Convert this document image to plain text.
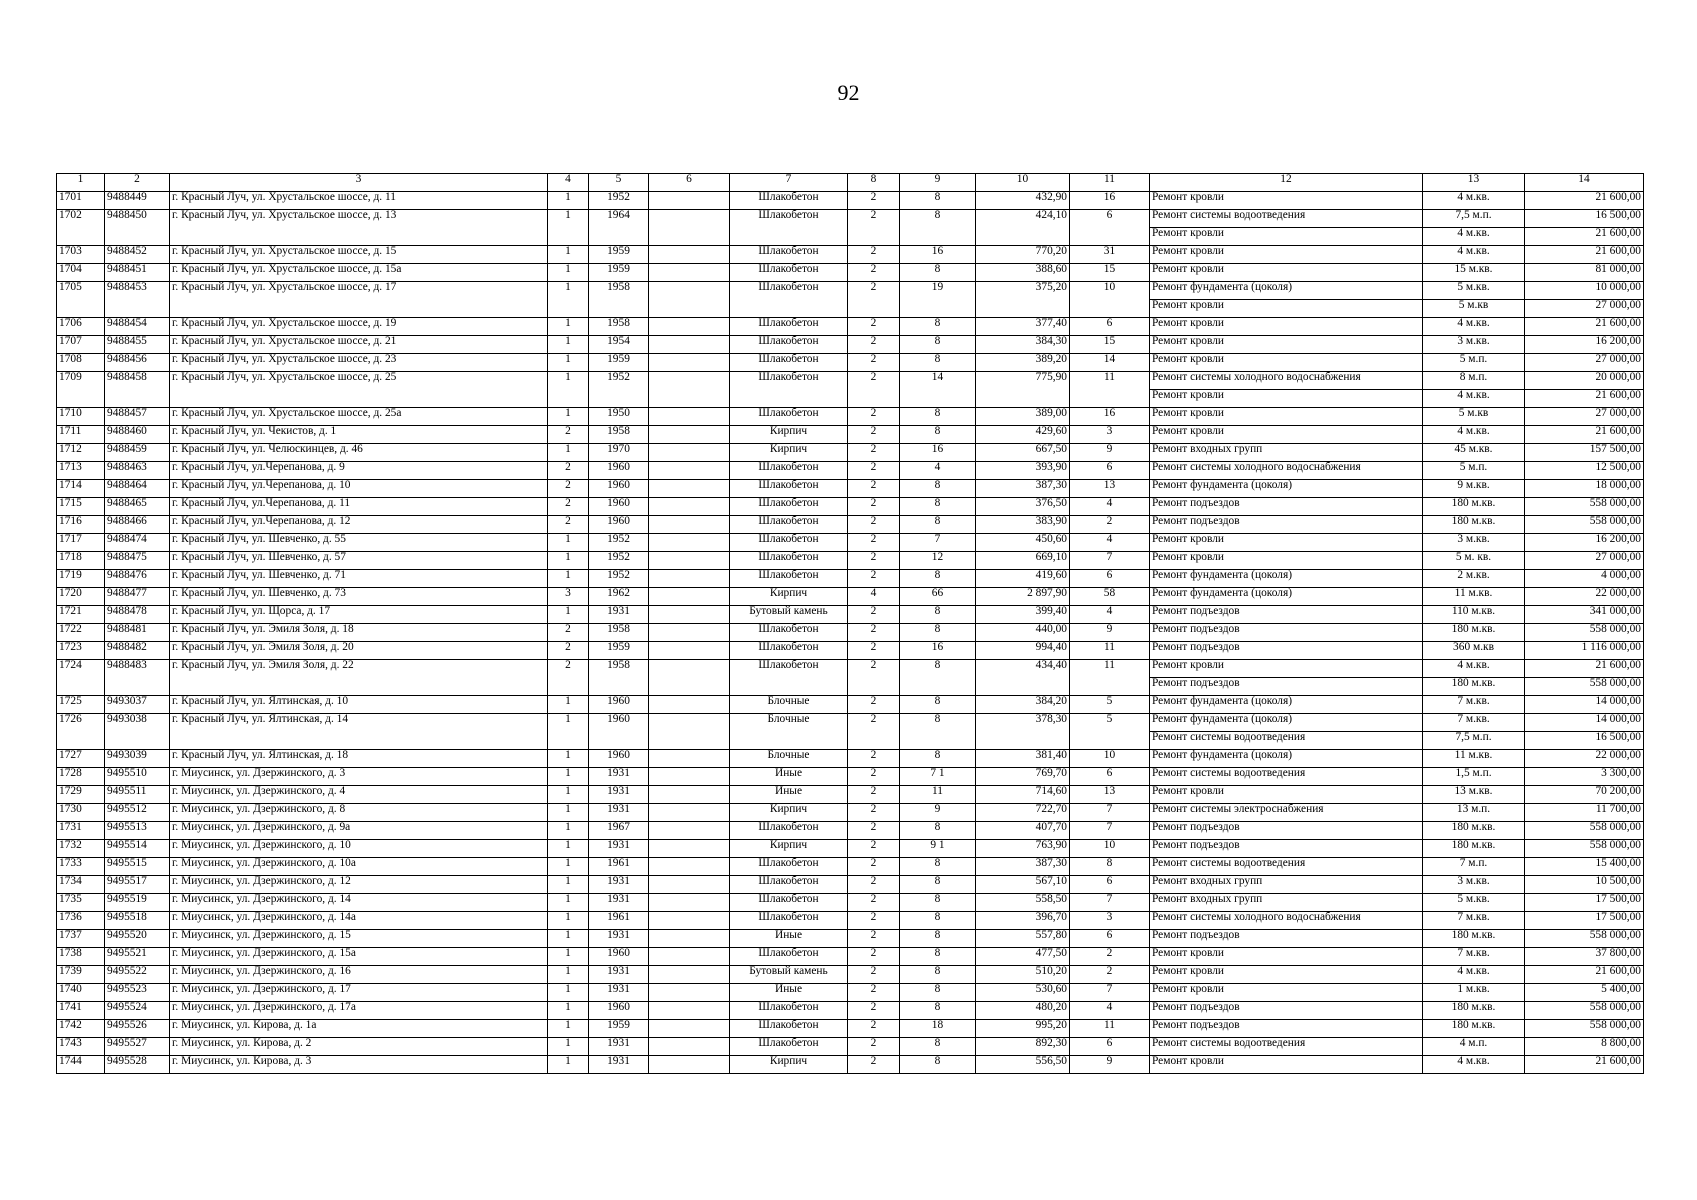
92
1	2	3	4	5	6	7	8	9	10	11	12	13	14
1701	9488449	г. Красный Луч, ул. Хрустальское шоссе, д. 11	1	1952		Шлакобетон	2	8	432,90	16	Ремонт кровли	4 м.кв.	21 600,00
1702	9488450	г. Красный Луч, ул. Хрустальское шоссе, д. 13	1	1964		Шлакобетон	2	8	424,10	6	Ремонт системы водоотведения	7,5 м.п.	16 500,00
											Ремонт кровли	4 м.кв.	21 600,00
1703	9488452	г. Красный Луч, ул. Хрустальское шоссе, д. 15	1	1959		Шлакобетон	2	16	770,20	31	Ремонт кровли	4 м.кв.	21 600,00
1704	9488451	г. Красный Луч, ул. Хрустальское шоссе, д. 15а	1	1959		Шлакобетон	2	8	388,60	15	Ремонт кровли	15 м.кв.	81 000,00
1705	9488453	г. Красный Луч, ул. Хрустальское шоссе, д. 17	1	1958		Шлакобетон	2	19	375,20	10	Ремонт фундамента (цоколя)	5 м.кв.	10 000,00
											Ремонт кровли	5 м.кв	27 000,00
1706	9488454	г. Красный Луч, ул. Хрустальское шоссе, д. 19	1	1958		Шлакобетон	2	8	377,40	6	Ремонт кровли	4 м.кв.	21 600,00
1707	9488455	г. Красный Луч, ул. Хрустальское шоссе, д. 21	1	1954		Шлакобетон	2	8	384,30	15	Ремонт кровли	3 м.кв.	16 200,00
1708	9488456	г. Красный Луч, ул. Хрустальское шоссе, д. 23	1	1959		Шлакобетон	2	8	389,20	14	Ремонт кровли	5 м.п.	27 000,00
1709	9488458	г. Красный Луч, ул. Хрустальское шоссе, д. 25	1	1952		Шлакобетон	2	14	775,90	11	Ремонт системы холодного водоснабжения	8 м.п.	20 000,00
											Ремонт кровли	4 м.кв.	21 600,00
1710	9488457	г. Красный Луч, ул. Хрустальское шоссе, д. 25а	1	1950		Шлакобетон	2	8	389,00	16	Ремонт кровли	5 м.кв	27 000,00
1711	9488460	г. Красный Луч, ул. Чекистов, д. 1	2	1958		Кирпич	2	8	429,60	3	Ремонт кровли	4 м.кв.	21 600,00
1712	9488459	г. Красный Луч, ул. Челюскинцев, д. 46	1	1970		Кирпич	2	16	667,50	9	Ремонт входных групп	45 м.кв.	157 500,00
1713	9488463	г. Красный Луч, ул.Черепанова, д. 9	2	1960		Шлакобетон	2	4	393,90	6	Ремонт системы холодного водоснабжения	5 м.п.	12 500,00
1714	9488464	г. Красный Луч, ул.Черепанова, д. 10	2	1960		Шлакобетон	2	8	387,30	13	Ремонт фундамента (цоколя)	9 м.кв.	18 000,00
1715	9488465	г. Красный Луч, ул.Черепанова, д. 11	2	1960		Шлакобетон	2	8	376,50	4	Ремонт подъездов	180 м.кв.	558 000,00
1716	9488466	г. Красный Луч, ул.Черепанова, д. 12	2	1960		Шлакобетон	2	8	383,90	2	Ремонт подъездов	180 м.кв.	558 000,00
1717	9488474	г. Красный Луч, ул. Шевченко, д. 55	1	1952		Шлакобетон	2	7	450,60	4	Ремонт кровли	3 м.кв.	16 200,00
1718	9488475	г. Красный Луч, ул. Шевченко, д. 57	1	1952		Шлакобетон	2	12	669,10	7	Ремонт кровли	5 м. кв.	27 000,00
1719	9488476	г. Красный Луч, ул. Шевченко, д. 71	1	1952		Шлакобетон	2	8	419,60	6	Ремонт фундамента (цоколя)	2 м.кв.	4 000,00
1720	9488477	г. Красный Луч, ул. Шевченко, д. 73	3	1962		Кирпич	4	66	2 897,90	58	Ремонт фундамента (цоколя)	11 м.кв.	22 000,00
1721	9488478	г. Красный Луч, ул. Щорса, д. 17	1	1931		Бутовый камень	2	8	399,40	4	Ремонт подъездов	110 м.кв.	341 000,00
1722	9488481	г. Красный Луч, ул. Эмиля Золя, д. 18	2	1958		Шлакобетон	2	8	440,00	9	Ремонт подъездов	180 м.кв.	558 000,00
1723	9488482	г. Красный Луч, ул. Эмиля Золя, д. 20	2	1959		Шлакобетон	2	16	994,40	11	Ремонт подъездов	360 м.кв	1 116 000,00
1724	9488483	г. Красный Луч, ул. Эмиля Золя, д. 22	2	1958		Шлакобетон	2	8	434,40	11	Ремонт кровли	4 м.кв.	21 600,00
											Ремонт подъездов	180 м.кв.	558 000,00
1725	9493037	г. Красный Луч, ул. Ялтинская, д. 10	1	1960		Блочные	2	8	384,20	5	Ремонт фундамента (цоколя)	7 м.кв.	14 000,00
1726	9493038	г. Красный Луч, ул. Ялтинская, д. 14	1	1960		Блочные	2	8	378,30	5	Ремонт фундамента (цоколя)	7 м.кв.	14 000,00
											Ремонт системы водоотведения	7,5 м.п.	16 500,00
1727	9493039	г. Красный Луч, ул. Ялтинская, д. 18	1	1960		Блочные	2	8	381,40	10	Ремонт фундамента (цоколя)	11 м.кв.	22 000,00
1728	9495510	г. Миусинск, ул. Дзержинского, д. 3	1	1931		Иные	2	7 1	769,70	6	Ремонт системы водоотведения	1,5 м.п.	3 300,00
1729	9495511	г. Миусинск, ул. Дзержинского, д. 4	1	1931		Иные	2	11	714,60	13	Ремонт кровли	13 м.кв.	70 200,00
1730	9495512	г. Миусинск, ул. Дзержинского, д. 8	1	1931		Кирпич	2	9	722,70	7	Ремонт системы электроснабжения	13 м.п.	11 700,00
1731	9495513	г. Миусинск, ул. Дзержинского, д. 9а	1	1967		Шлакобетон	2	8	407,70	7	Ремонт подъездов	180 м.кв.	558 000,00
1732	9495514	г. Миусинск, ул. Дзержинского, д. 10	1	1931		Кирпич	2	9 1	763,90	10	Ремонт подъездов	180 м.кв.	558 000,00
1733	9495515	г. Миусинск, ул. Дзержинского, д. 10а	1	1961		Шлакобетон	2	8	387,30	8	Ремонт системы водоотведения	7 м.п.	15 400,00
1734	9495517	г. Миусинск, ул. Дзержинского, д. 12	1	1931		Шлакобетон	2	8	567,10	6	Ремонт входных групп	3 м.кв.	10 500,00
1735	9495519	г. Миусинск, ул. Дзержинского, д. 14	1	1931		Шлакобетон	2	8	558,50	7	Ремонт входных групп	5 м.кв.	17 500,00
1736	9495518	г. Миусинск, ул. Дзержинского, д. 14а	1	1961		Шлакобетон	2	8	396,70	3	Ремонт системы холодного водоснабжения	7 м.кв.	17 500,00
1737	9495520	г. Миусинск, ул. Дзержинского, д. 15	1	1931		Иные	2	8	557,80	6	Ремонт подъездов	180 м.кв.	558 000,00
1738	9495521	г. Миусинск, ул. Дзержинского, д. 15а	1	1960		Шлакобетон	2	8	477,50	2	Ремонт кровли	7 м.кв.	37 800,00
1739	9495522	г. Миусинск, ул. Дзержинского, д. 16	1	1931		Бутовый камень	2	8	510,20	2	Ремонт кровли	4 м.кв.	21 600,00
1740	9495523	г. Миусинск, ул. Дзержинского, д. 17	1	1931		Иные	2	8	530,60	7	Ремонт кровли	1 м.кв.	5 400,00
1741	9495524	г. Миусинск, ул. Дзержинского, д. 17а	1	1960		Шлакобетон	2	8	480,20	4	Ремонт подъездов	180 м.кв.	558 000,00
1742	9495526	г. Миусинск, ул. Кирова, д. 1а	1	1959		Шлакобетон	2	18	995,20	11	Ремонт подъездов	180 м.кв.	558 000,00
1743	9495527	г. Миусинск, ул. Кирова, д. 2	1	1931		Шлакобетон	2	8	892,30	6	Ремонт системы водоотведения	4 м.п.	8 800,00
1744	9495528	г. Миусинск, ул. Кирова, д. 3	1	1931		Кирпич	2	8	556,50	9	Ремонт кровли	4 м.кв.	21 600,00
